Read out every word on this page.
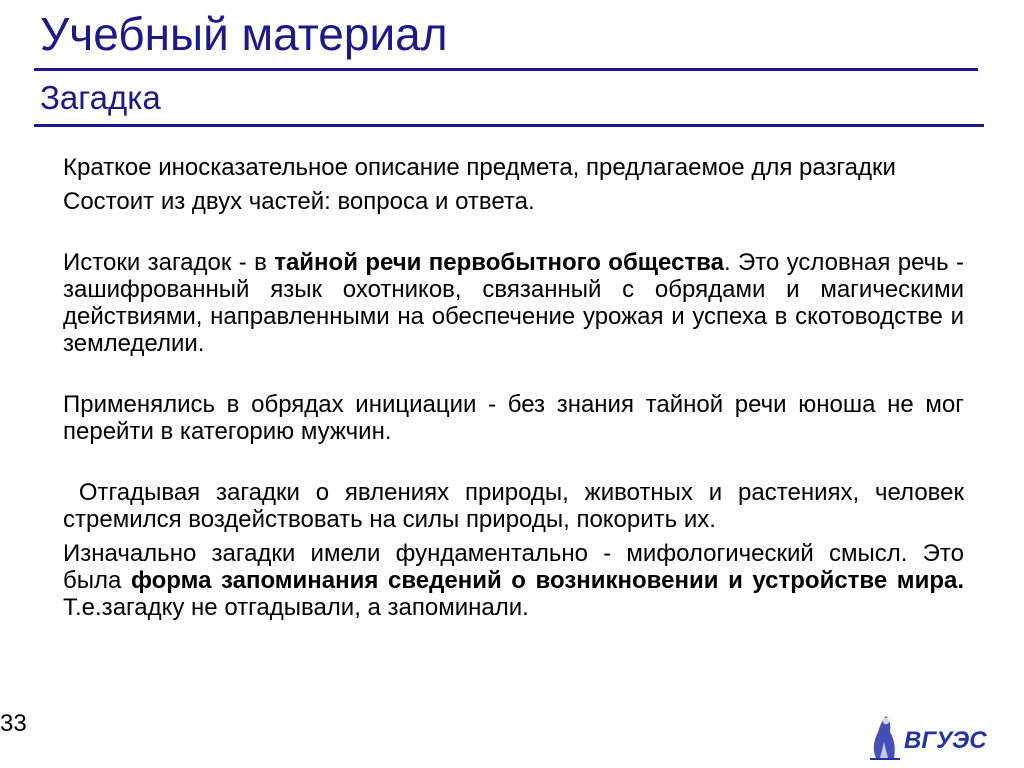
Учебный материал
Загадка

Краткое иносказательное описание предмета, предлагаемое для разгадки

Состоит из двух частей: вопроса и ответа.

Истоки загадок - в тайной речи первобытного общества. Это условная речь - зашифрованный язык охотников, связанный с обрядами и магическими действиями, направленными на обеспечение урожая и успеха в скотоводстве и земледелии.

Применялись в обрядах инициации - без знания тайной речи юноша не мог перейти в категорию мужчин.

Отгадывая загадки о явлениях природы, животных и растениях, человек стремился воздействовать на силы природы, покорить их.

Изначально загадки имели фундаментально - мифологический смысл. Это была форма запоминания сведений о возникновении и устройстве мира. Т.е.загадку не отгадывали, а запоминали.

33
ВГУЭС
